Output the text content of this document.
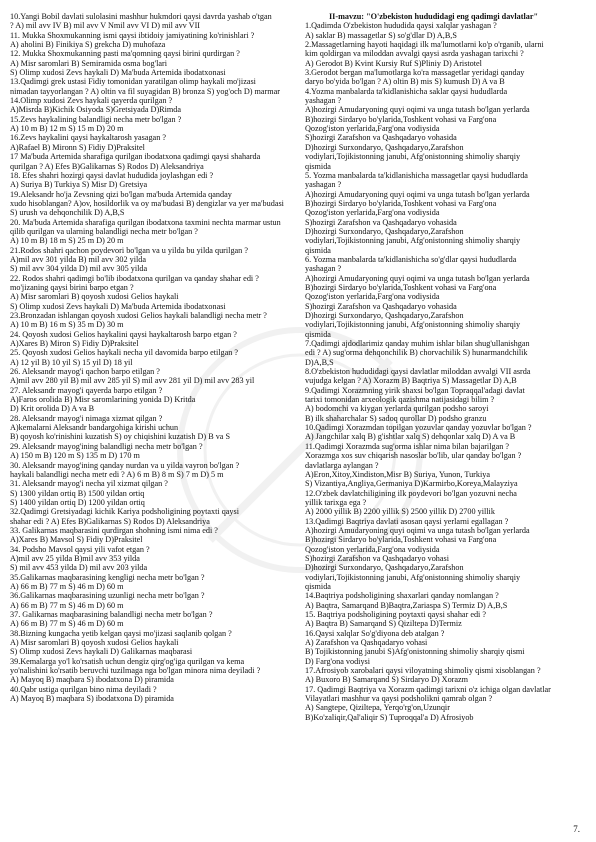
10.Yangi Bobil davlati sulolasini mashhur hukmdori qaysi davrda yashab o'tgan
? A) mil avv IV B) mil avv V Nmil avv VI D) mil avv VII
11. Mukka Shoxmukanning ismi qaysi ibtidoiy jamiyatining ko'rinishlari ?
A) aholini B) Finikiya S) grekcha D) muhofaza
12. Mukka Shoxmukanning pasti ma'qomning qaysi birini qurdirgan ?
A) Misr saromlari B) Semiramida osma bog'lari
S) Olimp xudosi Zevs haykali D) Ma'buda Artemida ibodatxonasi
13.Qadimgi grek ustasi Fidiy tomonidan yaratilgan olimp haykali mo'jizasi
nimadan tayyorlangan ? A) oltin va fil suyagidan B) bronza S) yog'och D) marmar
14.Olimp xudosi Zevs haykali qayerda qurilgan ?
A)Misrda B)Kichik Osiyoda S)Gretsiyada D)Rimda
15.Zevs haykalining balandligi necha metr bo'lgan ?
A) 10 m B) 12 m S) 15 m D) 20 m
16.Zevs haykalini qaysi haykaltarosh yasagan ?
A)Rafael B) Mironn S) Fidiy D)Praksitel
17 Ma'buda Artemida sharafiga qurilgan ibodatxona qadimgi qaysi shaharda
qurilgan ? A) Efes B)Galikarnas S) Rodos D) Aleksandriya
18. Efes shahri hozirgi qaysi davlat hududida joylashgan edi ?
A) Suriya B) Turkiya S) Misr D) Gretsiya
19.Aleksandr ho'ja Zevsning qizi bo'lgan ma'buda Artemida qanday
xudo hisoblangan? A)ov, hosildorlik va oy ma'budasi B) dengizlar va yer ma'budasi
S) urush va dehqonchilik D) A,B,S
20. Ma'buda Artemida sharafiga qurilgan ibodatxona taxmini nechta marmar ustun
qilib qurilgan va ularning balandligi necha metr bo'lgan ?
A) 10 m B) 18 m S) 25 m D) 20 m
21.Rodos shahri qachon poydevori bo'lgan va u yilda bu yilda qurilgan ?
A)mil avv 301 yilda B) mil avv 302 yilda
S) mil avv 304 yilda D) mil avv 305 yilda
22. Rodos shahri qadimgi bo'lib ibodatxona qurilgan va qanday shahar edi ?
mo'jizaning qaysi birini barpo etgan ?
A) Misr saromlari B) qoyosh xudosi Gelios haykali
S) Olimp xudosi Zevs haykali D) Ma'buda Artemida ibodatxonasi
23.Bronzadan ishlangan qoyosh xudosi Gelios haykali balandligi necha metr ?
A) 10 m B) 16 m S) 35 m D) 30 m
24. Qoyosh xudosi Gelios haykalini qaysi haykaltarosh barpo etgan ?
A)Xares B) Miron S) Fidiy D)Praksitel
25. Qoyosh xudosi Gelios haykali necha yil davomida barpo etilgan ?
A) 12 yil B) 10 yil S) 15 yil D) 18 yil
26. Aleksandr mayog'i qachon barpo etilgan ?
A)mil avv 280 yil B) mil avv 285 yil S) mil avv 281 yil D) mil avv 283 yil
27. Aleksandr mayog'i qayerda barpo etilgan ?
A)Faros orolida B) Misr saromlarining yonida D) Kritda
D) Krit orolida D) A va B
28. Aleksandr mayog'i nimaga xizmat qilgan ?
A)kemalarni Aleksandr bandargohiga kirishi uchun
B) qoyosh ko'rinishini kuzatish S) oy chiqishini kuzatish D) B va S
29. Aleksandr mayog'ining balandligi necha metr bo'lgan ?
A) 150 m B) 120 m S) 135 m D) 170 m
30. Aleksandr mayog'ining qanday nurdan va u yilda vayron bo'lgan ?
haykali balandligi necha metr edi ? A) 6 m B) 8 m S) 7 m D) 5 m
31. Aleksandr mayog'i necha yil xizmat qilgan ?
S) 1300 yildan ortiq B) 1500 yildan ortiq
S) 1400 yildan ortiq D) 1200 yildan ortiq
32.Qadimgi Gretsiyadagi kichik Kariya podsholigining poytaxti qaysi
shahar edi ? A) Efes B)Galikarnas S) Rodos D) Aleksandriya
33. Galikarnas maqbarasini qurdirgan shohning ismi nima edi ?
A)Xares B) Mavsol S) Fidiy D)Praksitel
34. Podsho Mavsol qaysi yili vafot etgan ?
A)mil avv 25 yilda B)mil avv 353 yilda
S) mil avv 453 yilda D) mil avv 203 yilda
35.Galikarnas maqbarasining kengligi necha metr bo'lgan ?
A) 66 m B) 77 m S) 46 m D) 60 m
36.Galikarnas maqbarasining uzunligi necha metr bo'lgan ?
A) 66 m B) 77 m S) 46 m D) 60 m
37. Galikarnas maqbarasining balandligi necha metr bo'lgan ?
A) 66 m B) 77 m S) 46 m D) 60 m
38.Bizning kungacha yetib kelgan qaysi mo'jizasi saqlanib qolgan ?
A) Misr saromlari B) qoyosh xudosi Gelios haykali
S) Olimp xudosi Zevs haykali D) Galikarnas maqbarasi
39.Kemalarga yo'l ko'rsatish uchun dengiz qirg'og'iga qurilgan va kema
yo'nalishini ko'rsatib beruvchi tuzilmaga nga bo'lgan minora nima deyiladi ?
A) Mayoq B) maqbara S) ibodatxona D) piramida
40.Qabr ustiga qurilgan bino nima deyiladi ?
A) Mayoq B) maqbara S) ibodatxona D) piramida
II-mavzu: "O'zbekiston hududidagi eng qadimgi davlatlar"
1.Qadimda O'zbekiston hududida qaysi xalqlar yashagan ?
A) saklar B) massagetlar S) so'g'dlar D) A,B,S
2.Massagetlarning hayoti haqidagi ilk ma'lumotlarni ko'p o'rganib, ularni
kim qoldirgan va miloddan avvalgi qaysi asrda yashagan tarixchi ?
A) Gerodot B) Kvint Kursiy Ruf S)Pliniy D) Aristotel
3.Gerodot bergan ma'lumotlarga ko'ra massagetlar yeridagi qanday
daryo bo'yida bo'lgan ? A) oltin B) mis S) kumush D) A va B
4.Yozma manbalarda ta'kidlanishicha saklar qaysi hududlarda
yashagan ?
A)hozirgi Amudaryoning quyi oqimi va unga tutash bo'lgan yerlarda
B)hozirgi Sirdaryo bo'ylarida,Toshkent vohasi va Farg'ona
Qozog'iston yerlarida,Farg'ona vodiysida
S)hozirgi Zarafshon va Qashqadaryo vohasida
D)hozirgi Surxondaryo, Qashqadaryo,Zarafshon
vodiylari,Tojikistonning janubi, Afg'onistonning shimoliy sharqiy
qismida
5. Yozma manbalarda ta'kidlanishicha massagetlar qaysi hududlarda
yashagan ?
A)hozirgi Amudaryoning quyi oqimi va unga tutash bo'lgan yerlarda
B)hozirgi Sirdaryo bo'ylarida,Toshkent vohasi va Farg'ona
Qozog'iston yerlarida,Farg'ona vodiysida
S)hozirgi Zarafshon va Qashqadaryo vohasida
D)hozirgi Surxondaryo, Qashqadaryo,Zarafshon
vodiylari,Tojikistonning janubi, Afg'onistonning shimoliy sharqiy
qismida
6. Yozma manbalarda ta'kidlanishicha so'g'dlar qaysi hududlarda
yashagan ?
A)hozirgi Amudaryoning quyi oqimi va unga tutash bo'lgan yerlarda
B)hozirgi Sirdaryo bo'ylarida,Toshkent vohasi va Farg'ona
Qozog'iston yerlarida,Farg'ona vodiysida
S)hozirgi Zarafshon va Qashqadaryo vohasida
D)hozirgi Surxondaryo, Qashqadaryo,Zarafshon
vodiylari,Tojikistonning janubi, Afg'onistonning shimoliy sharqiy
qismida
7.Qadimgi ajdodlarimiz qanday muhim ishlar bilan shug'ullanishgan
edi ? A) sug'orma dehqonchilik B) chorvachilik S) hunarmandchilik
D)A,B,S
8.O'zbekiston hududidagi qaysi davlatlar miloddan avvalgi VII asrda
vujudga kelgan ? A) Xorazm B) Baqtriya S) Massagetlar D) A,B
9.Qadimgi Xorazmning yirik shaxsi bo'lgan Topraqqal'adagi davlat
tarixi tomonidan arxeologik qazishma natijasidagi bilim ?
A) bodomchi va kiygan yerlarda qurilgan podsho saroyi
B) ilk shaharchalar S) sadoq qurollar D) podsho granzu
10.Qadimgi Xorazmdan topilgan yozuvlar qanday yozuvlar bo'lgan ?
A) Jangchilar xalq B) g'ishtlar xalq S) dehqonlar xalq D) A va B
11.Qadimgi Xorazmda sug'orma ishlar nima bilan bajarilgan ?
Xorazmga xos suv chiqarish nasoslar bo'lib, ular qanday bo'lgan ?
davlatlarga aylangan ?
A)Eron,Xitoy,Xindiston,Misr B) Suriya, Yunon, Turkiya
S) Vizantiya,Angliya,Germaniya D)Karmirbo,Koreya,Malayziya
12.O'zbek davlatchiligining ilk poydevori bo'lgan yozuvni necha
yillik tarixga ega ?
A) 2000 yillik B) 2200 yillik S) 2500 yillik D) 2700 yillik
13.Qadimgi Baqtriya davlati asosan qaysi yerlarni egallagan ?
A)hozirgi Amudaryoning quyi oqimi va unga tutash bo'lgan yerlarda
B)hozirgi Sirdaryo bo'ylarida,Toshkent vohasi va Farg'ona
Qozog'iston yerlarida,Farg'ona vodiysida
S)hozirgi Zarafshon va Qashqadaryo vohasi
D)hozirgi Surxondaryo, Qashqadaryo,Zarafshon
vodiylari,Tojikistonning janubi, Afg'onistonning shimoliy sharqiy
qismida
14.Baqtriya podsholigining shaxarlari qanday nomlangan ?
A) Baqtra, Samarqand B)Baqtra,Zariaspa S) Termiz D) A,B,S
15. Baqtriya podsholigining poytaxti qaysi shahar edi ?
A) Baqtra B) Samarqand S) Qiziltepa D)Termiz
16.Qaysi xalqlar So'g'diyona deb atalgan ?
A) Zarafshon va Qashqadaryo vohasi
B) Tojikistonning janubi S)Afg'onistonning shimoliy sharqiy qismi
D) Farg'ona vodiysi
17.Afrosiyob xarobalari qaysi viloyatning shimoliy qismi xisoblangan ?
A) Buxoro B) Samarqand S) Sirdaryo D) Xorazm
17. Qadimgi Baqtriya va Xorazm qadimgi tarixni o'z ichiga olgan davlatlar
Vilayatlari mashhur va qaysi podsholikni qamrab olgan ?
A) Sangtepe, Qiziltepa, Yerqo'rg'on,Uzunqir
B)Ko'zaliqir,Qal'aliqir S) Tuproqqal'a D) Afrosiyob
7.
